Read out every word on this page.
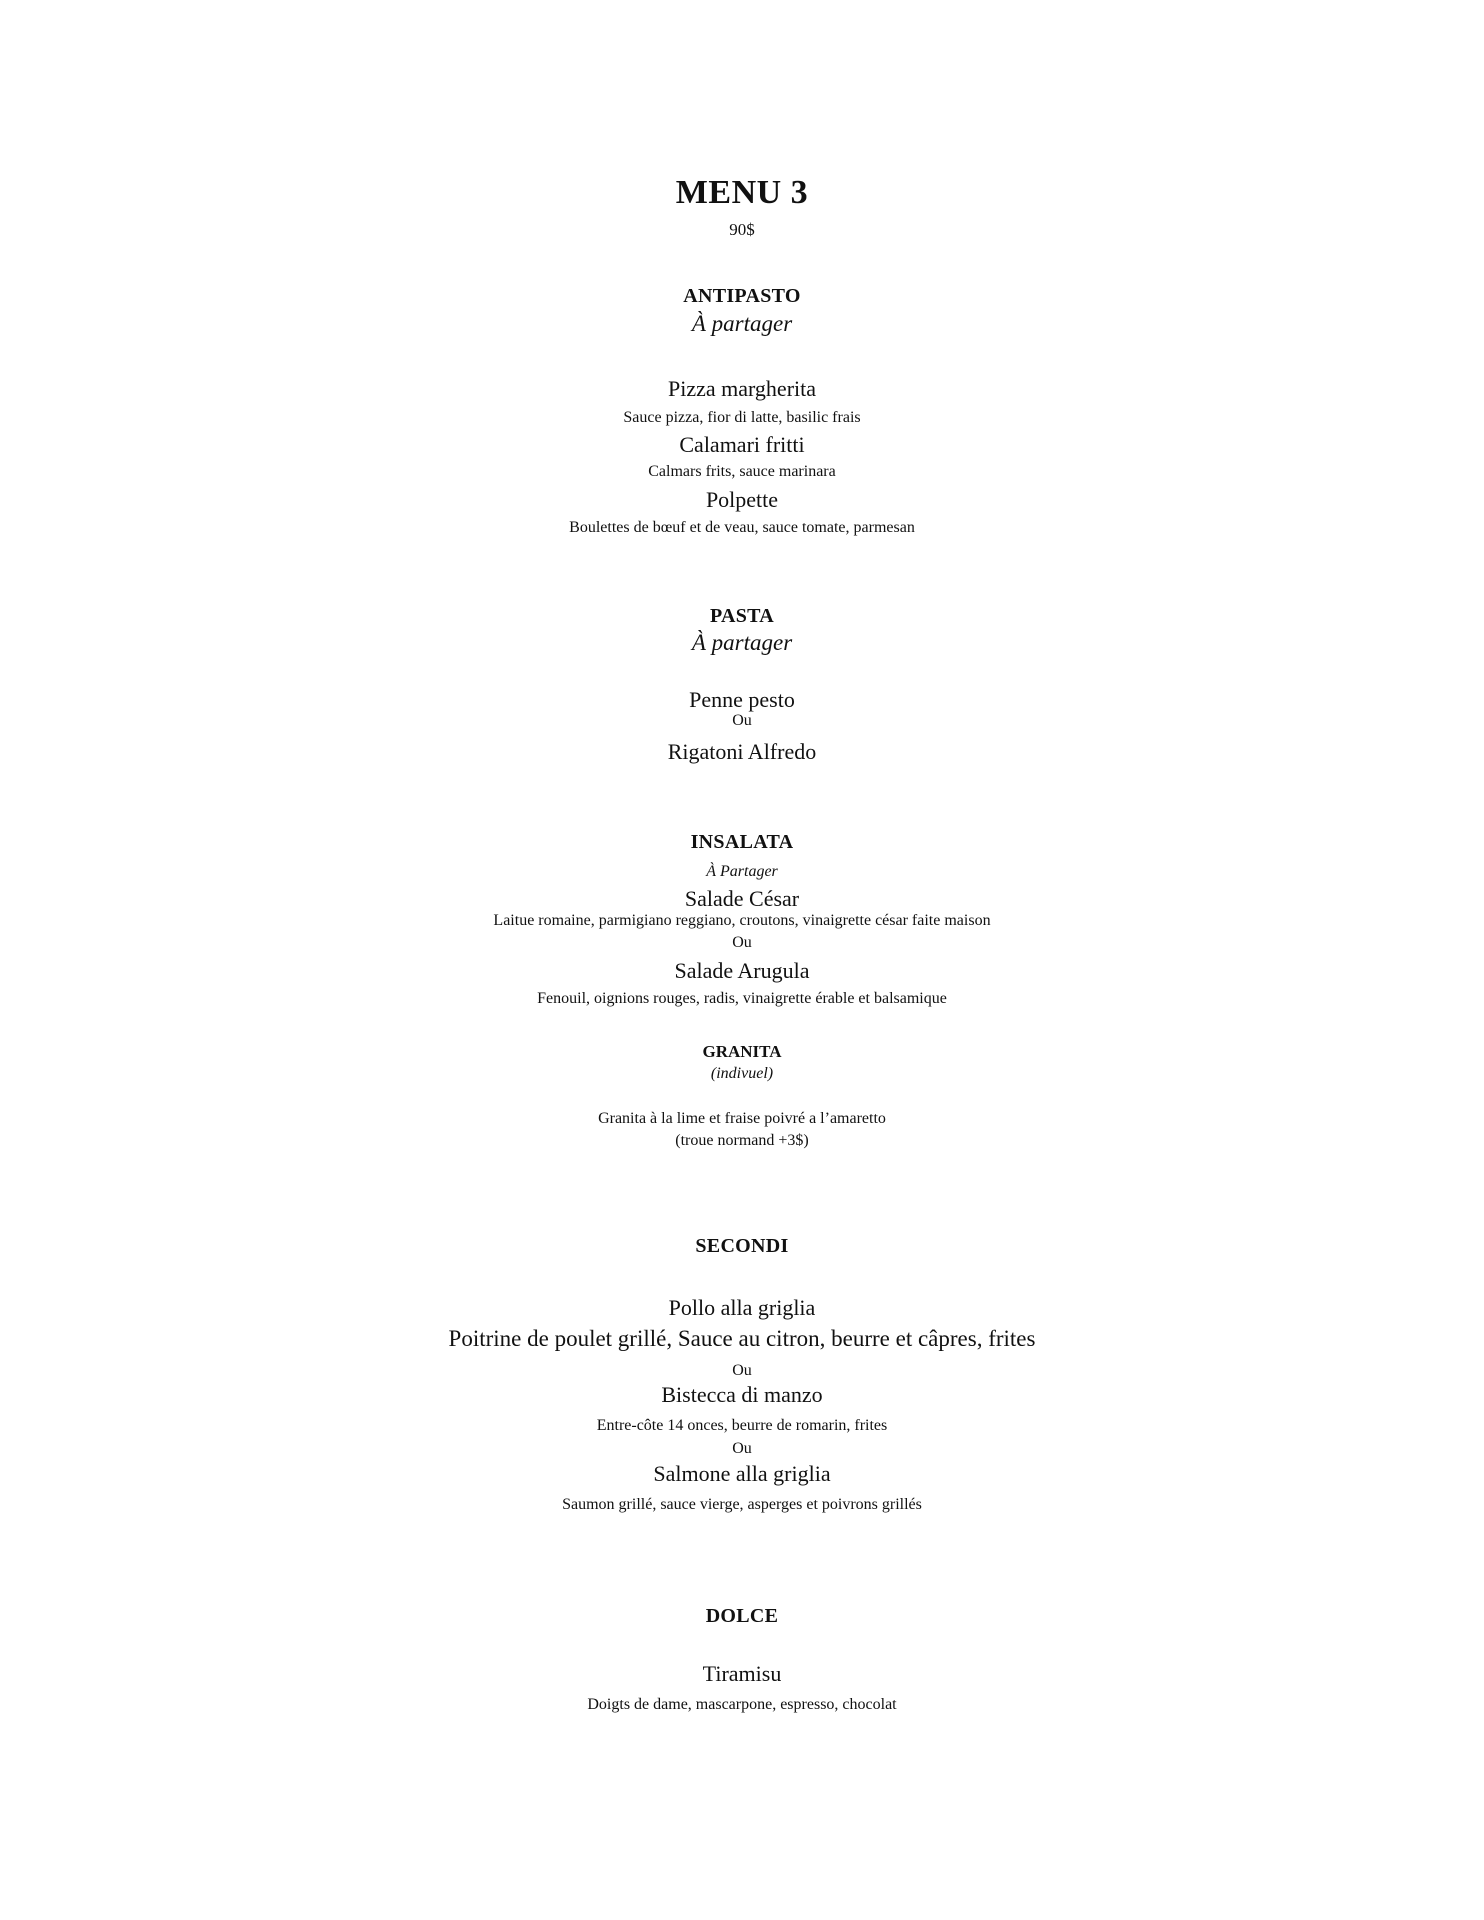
MENU 3
90$
ANTIPASTO
À partager
Pizza margherita
Sauce pizza, fior di latte, basilic frais
Calamari fritti
Calmars frits, sauce marinara
Polpette
Boulettes de bœuf et de veau, sauce tomate, parmesan
PASTA
À partager
Penne pesto
Ou
Rigatoni Alfredo
INSALATA
À Partager
Salade César
Laitue romaine, parmigiano reggiano, croutons, vinaigrette césar faite maison
Ou
Salade Arugula
Fenouil, oignions rouges, radis, vinaigrette érable et balsamique
GRANITA
(indivuel)
Granita à la lime et fraise poivré a l’amaretto
(troue normand +3$)
SECONDI
Pollo alla griglia
Poitrine de poulet grillé, Sauce au citron, beurre et câpres, frites
Ou
Bistecca di manzo
Entre-côte 14 onces, beurre de romarin, frites
Ou
Salmone alla griglia
Saumon grillé, sauce vierge, asperges et poivrons grillés
DOLCE
Tiramisu
Doigts de dame, mascarpone, espresso, chocolat
